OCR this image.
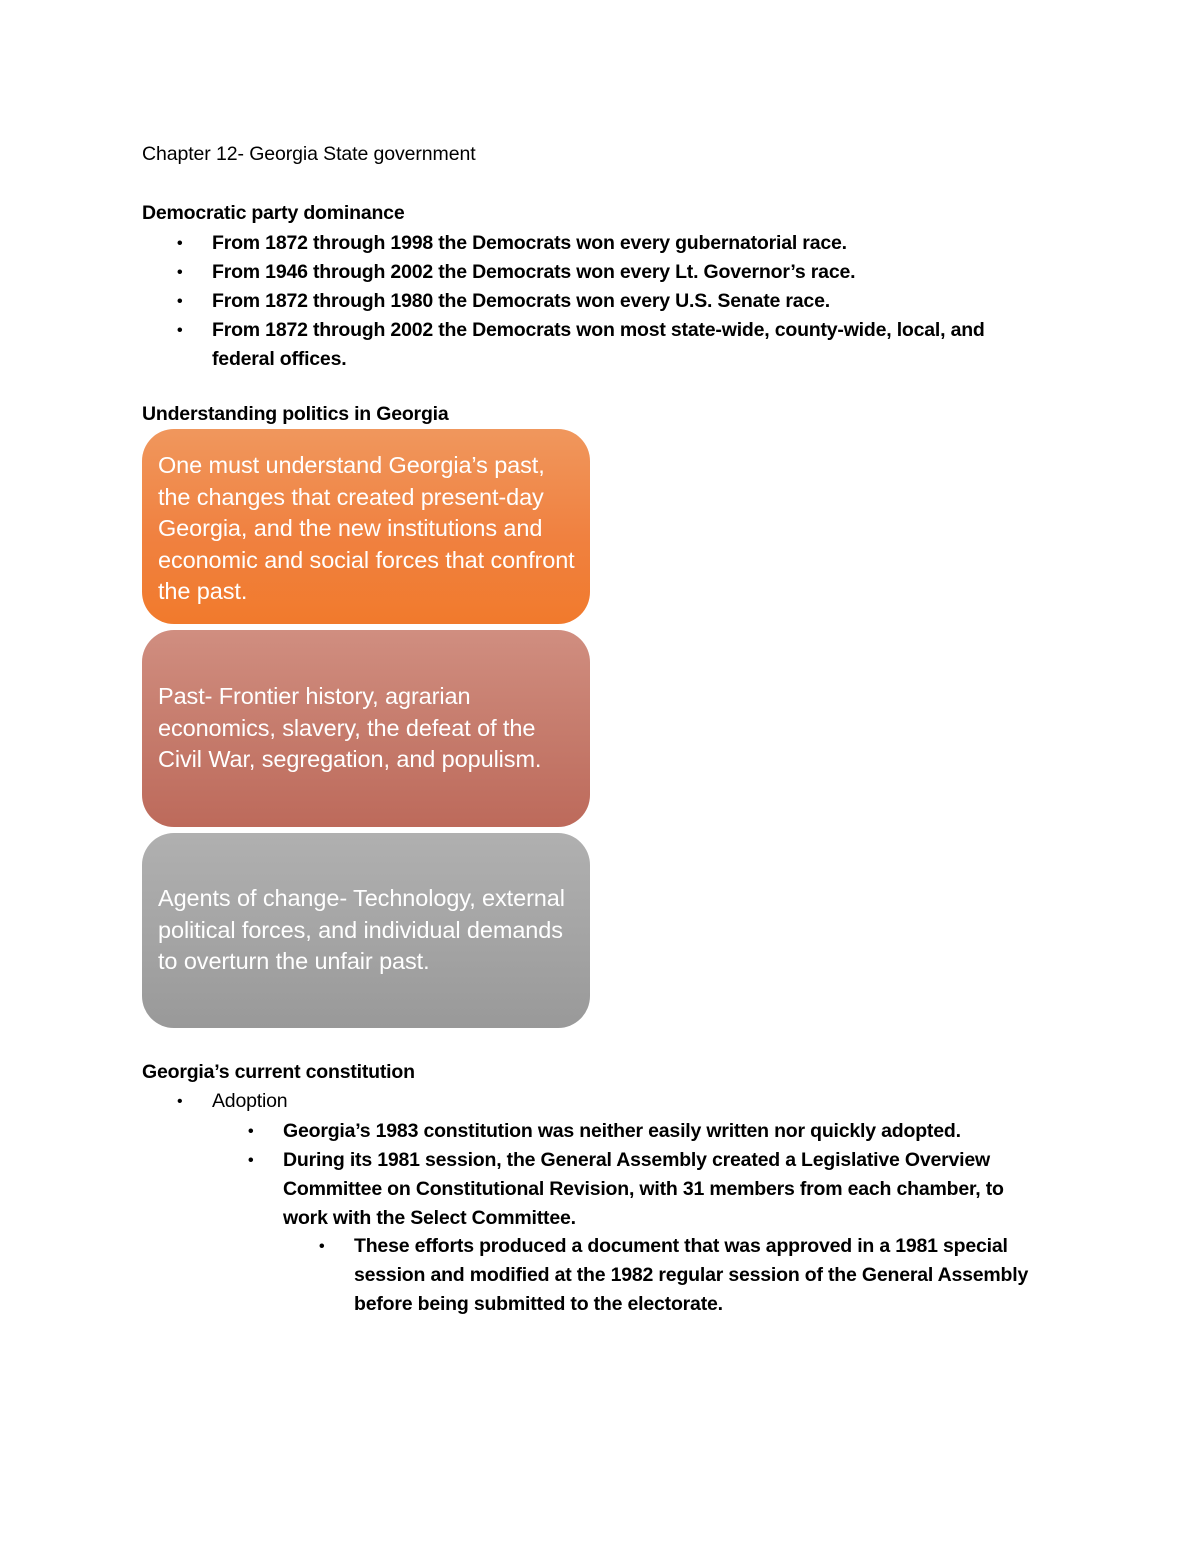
Chapter 12- Georgia State government
Democratic party dominance
• From 1872 through 1998 the Democrats won every gubernatorial race.
• From 1946 through 2002 the Democrats won every Lt. Governor’s race.
• From 1872 through 1980 the Democrats won every U.S. Senate race.
• From 1872 through 2002 the Democrats won most state-wide, county-wide, local, and federal offices.
Understanding politics in Georgia
One must understand Georgia’s past, the changes that created present-day Georgia, and the new institutions and economic and social forces that confront the past.
Past- Frontier history, agrarian economics, slavery, the defeat of the Civil War, segregation, and populism.
Agents of change- Technology, external political forces, and individual demands to overturn the unfair past.
Georgia’s current constitution
• Adoption
• Georgia’s 1983 constitution was neither easily written nor quickly adopted.
• During its 1981 session, the General Assembly created a Legislative Overview Committee on Constitutional Revision, with 31 members from each chamber, to work with the Select Committee.
• These efforts produced a document that was approved in a 1981 special session and modified at the 1982 regular session of the General Assembly before being submitted to the electorate.
